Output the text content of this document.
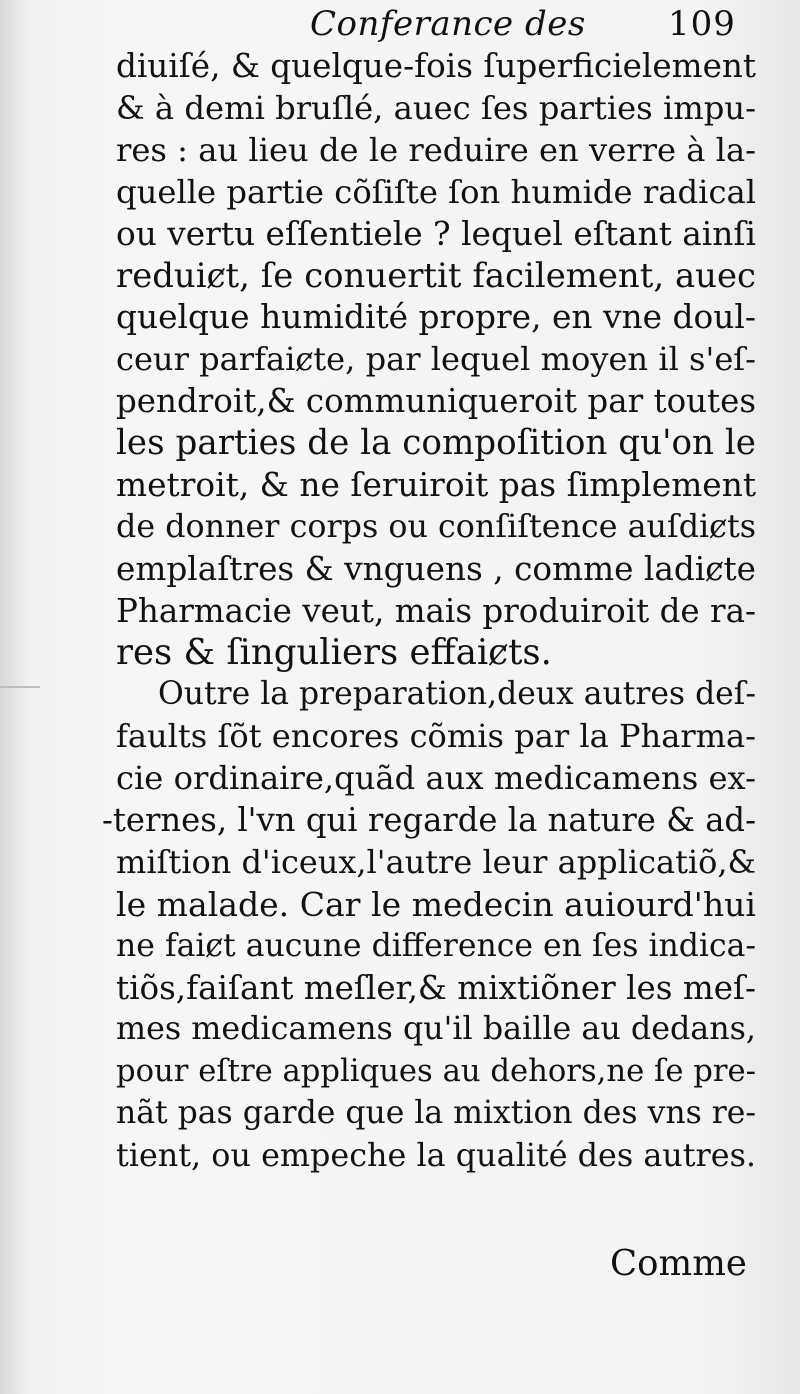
Conferance des 109
diuiſé, & quelque-fois ſuperficielement
& à demi bruſlé, auec ſes parties impu-
res : au lieu de le reduire en verre à la-
quelle partie cõſiſte ſon humide radical
ou vertu eſſentiele ? lequel eſtant ainſi
reduiȼt, ſe conuertit facilement, auec
quelque humidité propre, en vne doul-
ceur parfaiȼte, par lequel moyen il s'eſ-
pendroit,& communiqueroit par toutes
les parties de la compoſition qu'on le
metroit, & ne ſeruiroit pas ſimplement
de donner corps ou conſiſtence auſdiȼts
emplaſtres & vnguens , comme ladiȼte
Pharmacie veut, mais produiroit de ra-
res & ſinguliers effaiȼts.
Outre la preparation,deux autres deſ-
faults ſõt encores cõmis par la Pharma-
cie ordinaire,quãd aux medicamens ex-
-ternes, l'vn qui regarde la nature & ad-
miſtion d'iceux,l'autre leur applicatiõ,&
le malade. Car le medecin auiourd'hui
ne faiȼt aucune difference en ſes indica-
tiõs,faiſant meſler,& mixtiõner les meſ-
mes medicamens qu'il baille au dedans,
pour eſtre appliques au dehors,ne ſe pre-
nãt pas garde que la mixtion des vns re-
tient, ou empeche la qualité des autres.
Comme
